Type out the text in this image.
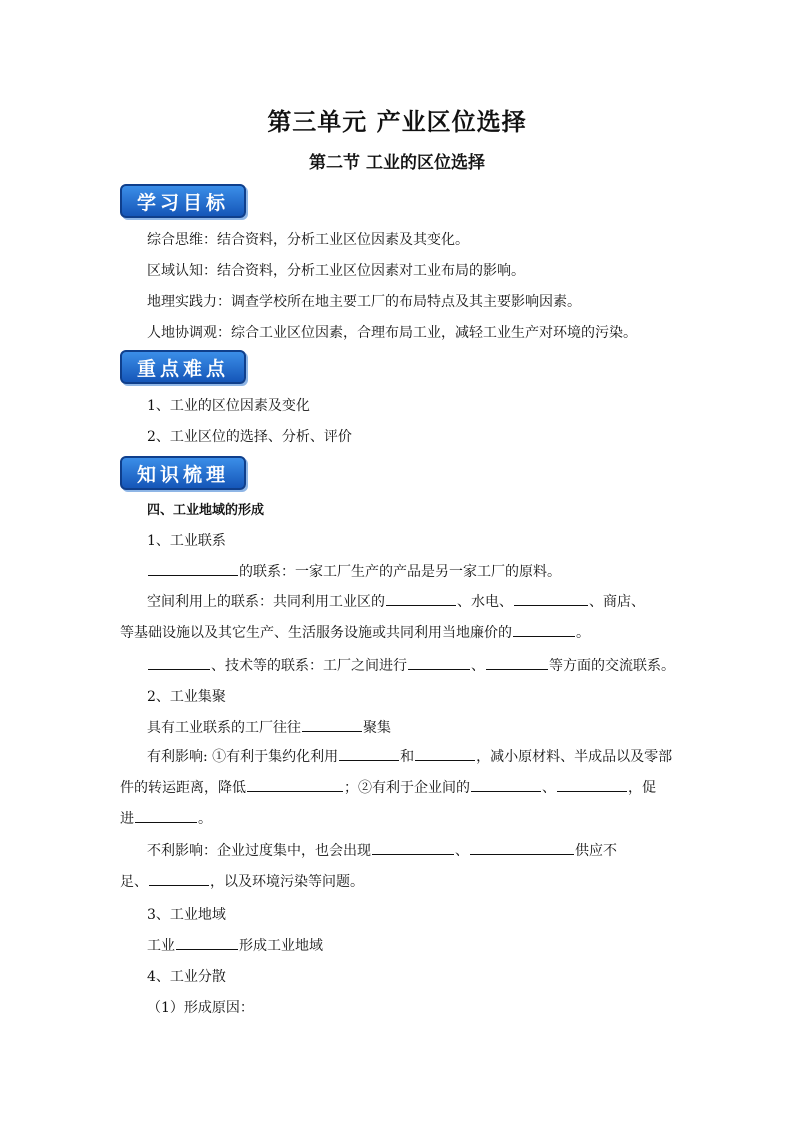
第三单元 产业区位选择
第二节 工业的区位选择
学习目标
综合思维：结合资料，分析工业区位因素及其变化。
区域认知：结合资料，分析工业区位因素对工业布局的影响。
地理实践力：调查学校所在地主要工厂的布局特点及其主要影响因素。
人地协调观：综合工业区位因素，合理布局工业，减轻工业生产对环境的污染。
重点难点
1、工业的区位因素及变化
2、工业区位的选择、分析、评价
知识梳理
四、工业地域的形成
1、工业联系
的联系：一家工厂生产的产品是另一家工厂的原料。
空间利用上的联系：共同利用工业区的	、水电、	、商店、
等基础设施以及其它生产、生活服务设施或共同利用当地廉价的	。
、技术等的联系：工厂之间进行	、	等方面的交流联系。
2、工业集聚
具有工业联系的工厂往往	聚集
有利影响: ①有利于集约化利用	和	，减小原材料、半成品以及零部
件的转运距离，降低	；②有利于企业间的	、	，促
进	。
不利影响：企业过度集中，也会出现	、	供应不
足、	，以及环境污染等问题。
3、工业地域
工业	形成工业地域
4、工业分散
（1）形成原因：
